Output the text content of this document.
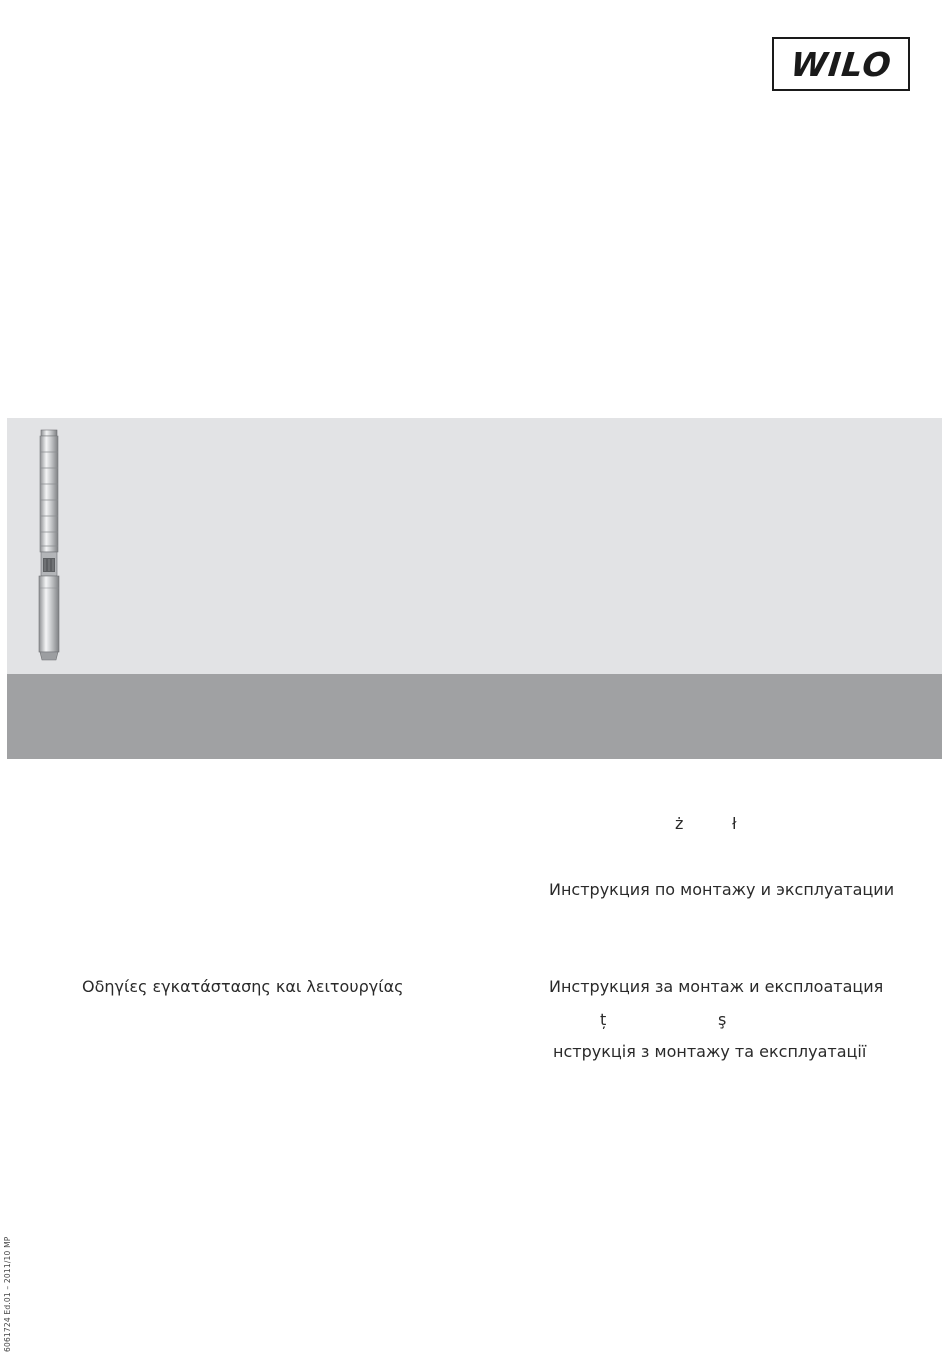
WILO
ż	ł
Инструкция по монтажу и эксплуатации
Οδηγίες εγκατάστασης και λειτουργίας	Инструкция за монтаж и експлоатация
ț	ş
нструкція з монтажу та експлуатації
6061724 Ed.01 – 2011/10 MP
